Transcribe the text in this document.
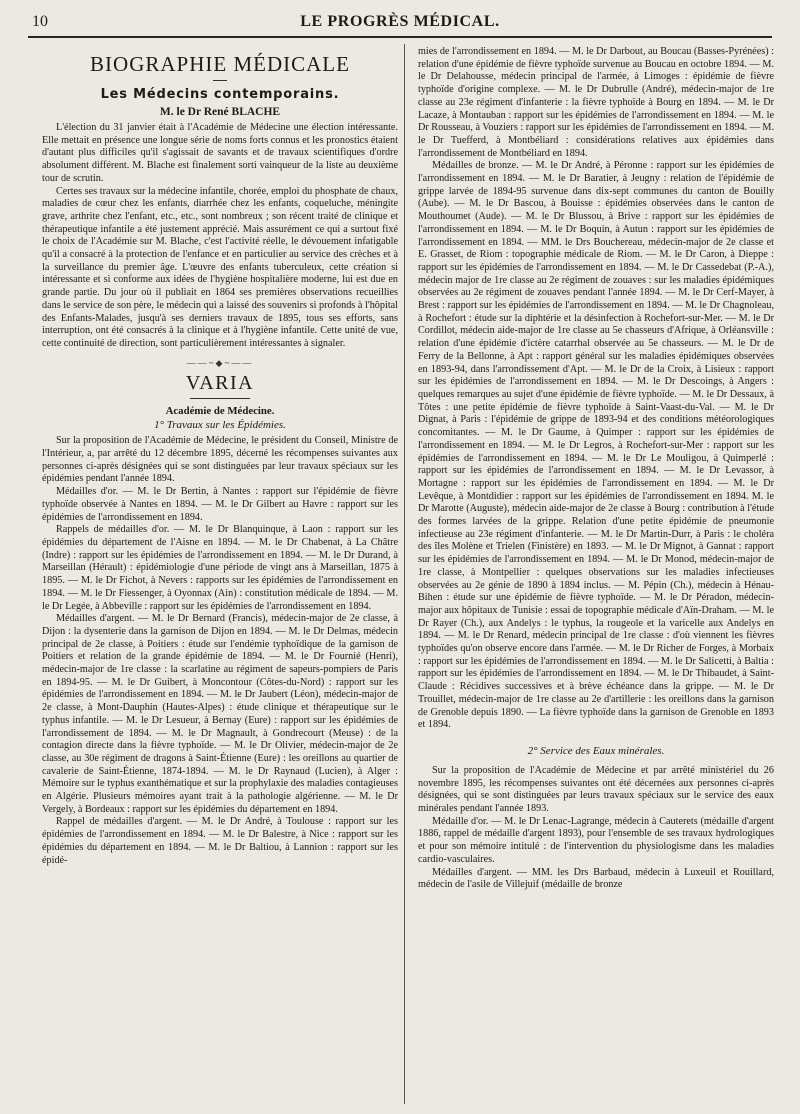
10	LE PROGRÈS MÉDICAL.
BIOGRAPHIE MÉDICALE
Les Médecins contemporains.
M. le Dr René BLACHE

L'élection du 31 janvier était à l'Académie de Médecine une élection intéressante. Elle mettait en présence une longue série de noms forts connus et les pronostics étaient d'autant plus difficiles qu'il s'agissait de savants et de travaux scientifiques d'ordre absolument différent. M. Blache est finalement sorti vainqueur de la liste au deuxième tour de scrutin.

Certes ses travaux sur la médecine infantile, chorée, emploi du phosphate de chaux, maladies de cœur chez les enfants, diarrhée chez les enfants, coqueluche, méningite grave, arthrite chez l'enfant, etc., etc., sont nombreux ; son récent traité de clinique et thérapeutique infantile a été justement apprécié. Mais assurément ce qui a surtout fixé le choix de l'Académie sur M. Blache, c'est l'activité réelle, le dévouement infatigable qu'il a consacré à la protection de l'enfance et en particulier au service des crèches et à la surveillance du premier âge. L'œuvre des enfants tuberculeux, cette création si intéressante et si conforme aux idées de l'hygiène hospitalière moderne, lui est due en grande partie. Du jour où il publiait en 1864 ses premières observations recueillies dans le service de son père, le médecin qui a laissé des souvenirs si profonds à l'hôpital des Enfants-Malades, jusqu'à ses derniers travaux de 1895, tous ses efforts, sans interruption, ont été consacrés à la clinique et à l'hygiène infantile. Cette unité de vue, cette continuité de direction, sont particulièrement intéressantes à signaler.

——~◆~——
VARIA
Académie de Médecine.
1° Travaux sur les Épidémies.

Sur la proposition de l'Académie de Médecine, le président du Conseil, Ministre de l'Intérieur, a, par arrêté du 12 décembre 1895, décerné les récompenses suivantes aux personnes ci-après désignées qui se sont distinguées par leur travaux spéciaux sur les épidémies pendant l'année 1894.

Médailles d'or. — M. le Dr Bertin, à Nantes : rapport sur l'épidémie de fièvre typhoïde observée à Nantes en 1894. — M. le Dr Gilbert au Havre : rapport sur les épidémies de l'arrondissement en 1894.

Rappels de médailles d'or. — M. le Dr Blanquinque, à Laon : rapport sur les épidémies du département de l'Aisne en 1894. — M. le Dr Chabenat, à La Châtre (Indre) : rapport sur les épidémies de l'arrondissement en 1894. — M. le Dr Durand, à Marseillan (Hérault) : épidémiologie d'une période de vingt ans à Marseillan, 1875 à 1895. — M. le Dr Fichot, à Nevers : rapports sur les épidémies de l'arrondissement en 1894. — M. le Dr Fiessenger, à Oyonnax (Ain) : constitution médicale de 1894. — M. le Dr Legée, à Abbeville : rapport sur les épidémies de l'arrondissement en 1894.

Médailles d'argent. — M. le Dr Bernard (Francis), médecin-major de 2e classe, à Dijon : la dysenterie dans la garnison de Dijon en 1894. — M. le Dr Delmas, médecin principal de 2e classe, à Poitiers : étude sur l'endémie typhoïdique de la garnison de Poitiers et relation de la grande épidémie de 1894. — M. le Dr Fournié (Henri), médecin-major de 1re classe : la scarlatine au régiment de sapeurs-pompiers de Paris en 1894-95. — M. le Dr Guibert, à Moncontour (Côtes-du-Nord) : rapport sur les épidémies de l'arrondissement en 1894. — M. le Dr Jaubert (Léon), médecin-major de 2e classe, à Mont-Dauphin (Hautes-Alpes) : étude clinique et thérapeutique sur le typhus infantile. — M. le Dr Lesueur, à Bernay (Eure) : rapport sur les épidémies de l'arrondissement de 1894. — M. le Dr Magnault, à Gondrecourt (Meuse) : de la contagion directe dans la fièvre typhoïde. — M. le Dr Olivier, médecin-major de 2e classe, au 30e régiment de dragons à Saint-Étienne (Eure) : les oreillons au quartier de cavalerie de Saint-Étienne, 1874-1894. — M. le Dr Raynaud (Lucien), à Alger : Mémoire sur le typhus exanthématique et sur la prophylaxie des maladies contagieuses en Algérie. Plusieurs mémoires ayant trait à la pathologie algérienne. — M. le Dr Vergely, à Bordeaux : rapport sur les épidémies du département en 1894.

Rappel de médailles d'argent. — M. le Dr André, à Toulouse : rapport sur les épidémies de l'arrondissement en 1894. — M. le Dr Balestre, à Nice : rapport sur les épidémies du département en 1894. — M. le Dr Baltiou, à Lannion : rapport sur les épidé-

mies de l'arrondissement en 1894. — M. le Dr Darbout, au Boucau (Basses-Pyrénées) : relation d'une épidémie de fièvre typhoïde survenue au Boucau en octobre 1894. — M. le Dr Delahousse, médecin principal de l'armée, à Limoges : épidémie de fièvre typhoïde d'origine complexe. — M. le Dr Dubrulle (André), médecin-major de 1re classe au 23e régiment d'infanterie : la fièvre typhoïde à Bourg en 1894. — M. le Dr Lacaze, à Montauban : rapport sur les épidémies de l'arrondissement en 1894. — M. le Dr Rousseau, à Vouziers : rapport sur les épidémies de l'arrondissement en 1894. — M. le Dr Tuefferd, à Montbéliard : considérations relatives aux épidémies dans l'arrondissement de Montbéliard en 1894.

Médailles de bronze. — M. le Dr André, à Péronne : rapport sur les épidémies de l'arrondissement en 1894. — M. le Dr Baratier, à Jeugny : relation de l'épidémie de grippe larvée de 1894-95 survenue dans dix-sept communes du canton de Bouilly (Aube). — M. le Dr Bascou, à Bouisse : épidémies observées dans le canton de Mouthoumet (Aude). — M. le Dr Blussou, à Brive : rapport sur les épidémies de l'arrondissement en 1894. — M. le Dr Boquin, à Autun : rapport sur les épidémies de l'arrondissement en 1894. — MM. le Drs Bouchereau, médecin-major de 2e classe et E. Grasset, de Riom : topographie médicale de Riom. — M. le Dr Caron, à Dieppe : rapport sur les épidémies de l'arrondissement en 1894. — M. le Dr Cassedebat (P.-A.), médecin major de 1re classe au 2e régiment de zouaves : sur les maladies épidémiques observées au 2e régiment de zouaves pendant l'année 1894. — M. le Dr Cerf-Mayer, à Brest : rapport sur les épidémies de l'arrondissement en 1894. — M. le Dr Chagnoleau, à Rochefort : étude sur la diphtérie et la désinfection à Rochefort-sur-Mer. — M. le Dr Cordillot, médecin aide-major de 1re classe au 5e chasseurs d'Afrique, à Orléansville : relation d'une épidémie d'ictère catarrhal observée au 5e chasseurs. — M. le Dr de Ferry de la Bellonne, à Apt : rapport général sur les maladies épidémiques observées en 1893-94, dans l'arrondissement d'Apt. — M. le Dr de la Croix, à Lisieux : rapport sur les épidémies de l'arrondissement en 1894. — M. le Dr Descoings, à Angers : quelques remarques au sujet d'une épidémie de fièvre typhoïde. — M. le Dr Dessaux, à Tôtes : une petite épidémie de fièvre typhoïde à Saint-Vaast-du-Val. — M. le Dr Dignat, à Paris : l'épidémie de grippe de 1893-94 et des conditions météorologiques concomitantes. — M. le Dr Gaume, à Quimper : rapport sur les épidémies de l'arrondissement en 1894. — M. le Dr Legros, à Rochefort-sur-Mer : rapport sur les épidémies de l'arrondissement en 1894. — M. le Dr Le Mouligou, à Quimperlé : rapport sur les épidémies de l'arrondissement en 1894. — M. le Dr Levassor, à Mortagne : rapport sur les épidémies de l'arrondissement en 1894. — M. le Dr Levêque, à Montdidier : rapport sur les épidémies de l'arrondissement en 1894. M. le Dr Marotte (Auguste), médecin aide-major de 2e classe à Bourg : contribution à l'étude des formes larvées de la grippe. Relation d'une petite épidémie de pneumonie infectieuse au 23e régiment d'infanterie. — M. le Dr Martin-Durr, à Paris : le choléra des îles Molène et Trielen (Finistère) en 1893. — M. le Dr Mignot, à Gannat : rapport sur les épidémies de l'arrondissement en 1894. — M. le Dr Monod, médecin-major de 1re classe, à Montpellier : quelques observations sur les maladies infectieuses observées au 2e génie de 1890 à 1894 inclus. — M. Pépin (Ch.), médecin à Hénau-Bihen : étude sur une épidémie de fièvre typhoïde. — M. le Dr Péradon, médecin-major aux hôpitaux de Tunisie : essai de topographie médicale d'Aïn-Draham. — M. le Dr Rayer (Ch.), aux Andelys : le typhus, la rougeole et la varicelle aux Andelys en 1894. — M. le Dr Renard, médecin principal de 1re classe : d'où viennent les fièvres typhoïdes qu'on observe encore dans l'armée. — M. le Dr Richer de Forges, à Morbaix : rapport sur les épidémies de l'arrondissement en 1894. — M. le Dr Salicetti, à Baltia : rapport sur les épidémies de l'arrondissement en 1894. — M. le Dr Thibaudet, à Saint-Claude : Récidives successives et à brève échéance dans la grippe. — M. le Dr Trouillet, médecin-major de 1re classe au 2e d'artillerie : les oreillons dans la garnison de Grenoble depuis 1890. — La fièvre typhoïde dans la garnison de Grenoble en 1893 et 1894.

2° Service des Eaux minérales.

Sur la proposition de l'Académie de Médecine et par arrêté ministériel du 26 novembre 1895, les récompenses suivantes ont été décernées aux personnes ci-après désignées, qui se sont distinguées par leurs travaux spéciaux sur le service des eaux minérales pendant l'année 1893.

Médaille d'or. — M. le Dr Lenac-Lagrange, médecin à Cauterets (médaille d'argent 1886, rappel de médaille d'argent 1893), pour l'ensemble de ses travaux hydrologiques et pour son mémoire intitulé : de l'intervention du physiologisme dans les maladies cardio-vasculaires.

Médailles d'argent. — MM. les Drs Barbaud, médecin à Luxeuil et Rouillard, médecin de l'asile de Villejuif (médaille de bronze
